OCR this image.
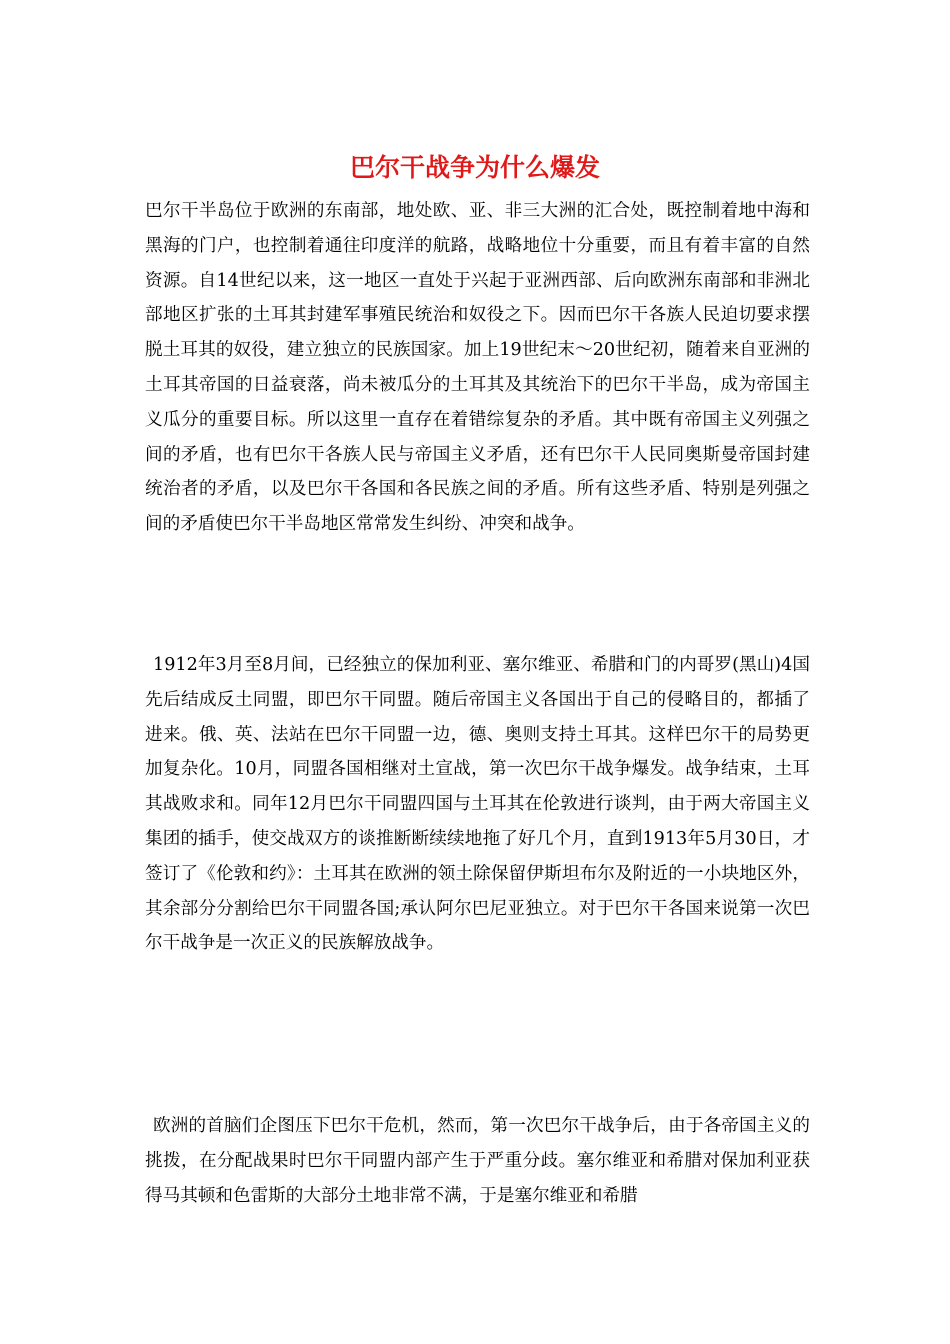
巴尔干战争为什么爆发

巴尔干半岛位于欧洲的东南部，地处欧、亚、非三大洲的汇合处，既控制着地中海和黑海的门户，也控制着通往印度洋的航路，战略地位十分重要，而且有着丰富的自然资源。自14世纪以来，这一地区一直处于兴起于亚洲西部、后向欧洲东南部和非洲北部地区扩张的土耳其封建军事殖民统治和奴役之下。因而巴尔干各族人民迫切要求摆脱土耳其的奴役，建立独立的民族国家。加上19世纪末～20世纪初，随着来自亚洲的土耳其帝国的日益衰落，尚未被瓜分的土耳其及其统治下的巴尔干半岛，成为帝国主义瓜分的重要目标。所以这里一直存在着错综复杂的矛盾。其中既有帝国主义列强之间的矛盾，也有巴尔干各族人民与帝国主义矛盾，还有巴尔干人民同奥斯曼帝国封建统治者的矛盾，以及巴尔干各国和各民族之间的矛盾。所有这些矛盾、特别是列强之间的矛盾使巴尔干半岛地区常常发生纠纷、冲突和战争。

1912年3月至8月间，已经独立的保加利亚、塞尔维亚、希腊和门的内哥罗(黑山)4国先后结成反土同盟，即巴尔干同盟。随后帝国主义各国出于自己的侵略目的，都插了进来。俄、英、法站在巴尔干同盟一边，德、奥则支持土耳其。这样巴尔干的局势更加复杂化。10月，同盟各国相继对土宣战，第一次巴尔干战争爆发。战争结束，土耳其战败求和。同年12月巴尔干同盟四国与土耳其在伦敦进行谈判，由于两大帝国主义集团的插手，使交战双方的谈推断断续续地拖了好几个月，直到1913年5月30日，才签订了《伦敦和约》：土耳其在欧洲的领土除保留伊斯坦布尔及附近的一小块地区外，其余部分分割给巴尔干同盟各国;承认阿尔巴尼亚独立。对于巴尔干各国来说第一次巴尔干战争是一次正义的民族解放战争。

欧洲的首脑们企图压下巴尔干危机，然而，第一次巴尔干战争后，由于各帝国主义的挑拨，在分配战果时巴尔干同盟内部产生于严重分歧。塞尔维亚和希腊对保加利亚获得马其顿和色雷斯的大部分土地非常不满，于是塞尔维亚和希腊
